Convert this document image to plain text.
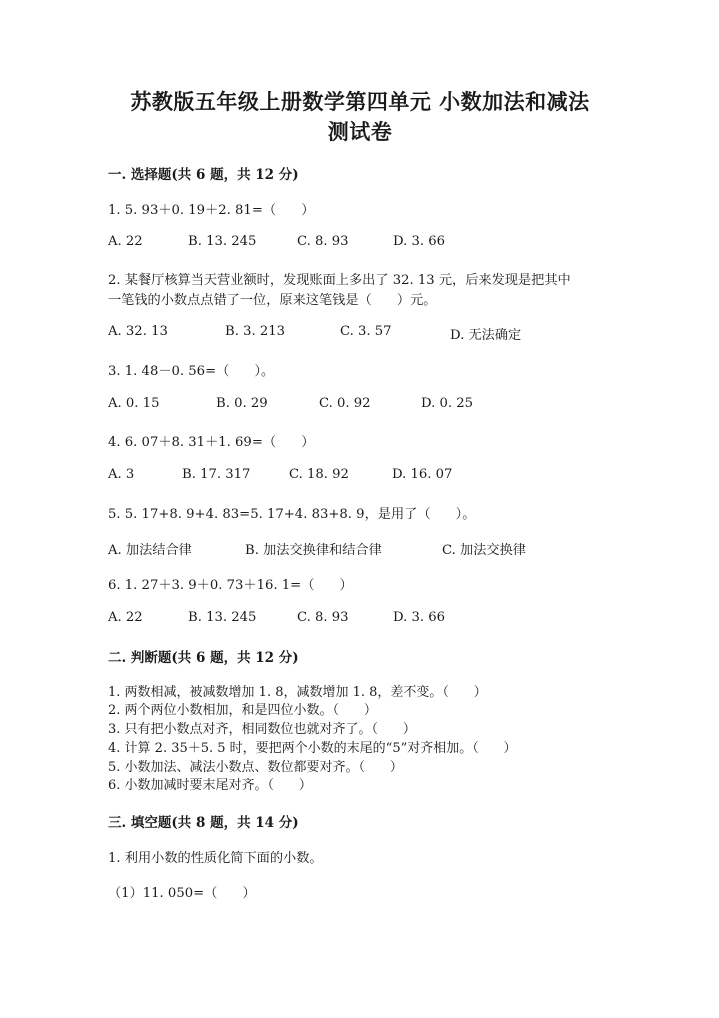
苏教版五年级上册数学第四单元 小数加法和减法
测试卷
一. 选择题(共 6 题，共 12 分)
1. 5. 93＋0. 19＋2. 81=（      ）
A. 22	B. 13. 245	C. 8. 93	D. 3. 66
2. 某餐厅核算当天营业额时，发现账面上多出了 32. 13 元，后来发现是把其中
一笔钱的小数点点错了一位，原来这笔钱是（      ）元。
A. 32. 13	B. 3. 213	C. 3. 57	D. 无法确定
3. 1. 48－0. 56=（      ）。
A. 0. 15	B. 0. 29	C. 0. 92	D. 0. 25
4. 6. 07＋8. 31＋1. 69=（      ）
A. 3	B. 17. 317	C. 18. 92	D. 16. 07
5. 5. 17+8. 9+4. 83=5. 17+4. 83+8. 9，是用了（      ）。
A. 加法结合律	B. 加法交换律和结合律	C. 加法交换律
6. 1. 27＋3. 9＋0. 73＋16. 1=（      ）
A. 22	B. 13. 245	C. 8. 93	D. 3. 66
二. 判断题(共 6 题，共 12 分)
1. 两数相减，被减数增加 1. 8，减数增加 1. 8，差不变。（      ）
2. 两个两位小数相加，和是四位小数。（      ）
3. 只有把小数点对齐，相同数位也就对齐了。（      ）
4. 计算 2. 35＋5. 5 时，要把两个小数的末尾的“5”对齐相加。（      ）
5. 小数加法、减法小数点、数位都要对齐。（      ）
6. 小数加减时要末尾对齐。（      ）
三. 填空题(共 8 题，共 14 分)
1. 利用小数的性质化简下面的小数。
（1）11. 050=（      ）
